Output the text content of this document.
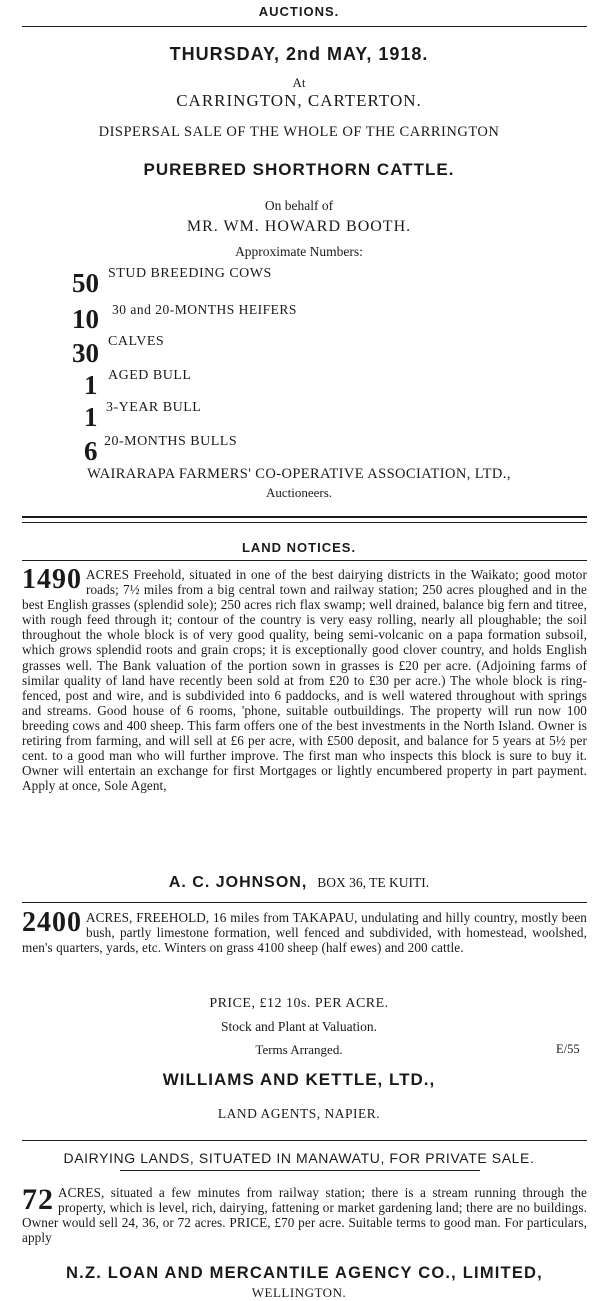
AUCTIONS.
THURSDAY, 2nd MAY, 1918.
At
CARRINGTON, CARTERTON.
DISPERSAL SALE OF THE WHOLE OF THE CARRINGTON
PUREBRED SHORTHORN CATTLE.
On behalf of
MR. WM. HOWARD BOOTH.
Approximate Numbers:
50 STUD BREEDING COWS
10 30 and 20-MONTHS HEIFERS
30 CALVES
1 AGED BULL
1 3-YEAR BULL
6 20-MONTHS BULLS
WAIRARAPA FARMERS' CO-OPERATIVE ASSOCIATION, LTD.,
Auctioneers.
LAND NOTICES.
1490 ACRES Freehold, situated in one of the best dairying districts in the Waikato; good motor roads; 7½ miles from a big central town and railway station; 250 acres ploughed and in the best English grasses (splendid sole); 250 acres rich flax swamp; well drained, balance big fern and titree, with rough feed through it; contour of the country is very easy rolling, nearly all ploughable; the soil throughout the whole block is of very good quality, being semi-volcanic on a papa formation subsoil, which grows splendid roots and grain crops; it is exceptionally good clover country, and holds English grasses well. The Bank valuation of the portion sown in grasses is £20 per acre. (Adjoining farms of similar quality of land have recently been sold at from £20 to £30 per acre.) The whole block is ring-fenced, post and wire, and is subdivided into 6 paddocks, and is well watered throughout with springs and streams. Good house of 6 rooms, 'phone, suitable outbuildings. The property will run now 100 breeding cows and 400 sheep. This farm offers one of the best investments in the North Island. Owner is retiring from farming, and will sell at £6 per acre, with £500 deposit, and balance for 5 years at 5½ per cent. to a good man who will further improve. The first man who inspects this block is sure to buy it. Owner will entertain an exchange for first Mortgages or lightly encumbered property in part payment. Apply at once, Sole Agent,
A. C. JOHNSON, BOX 36, TE KUITI.
2400 ACRES, FREEHOLD, 16 miles from TAKAPAU, undulating and hilly country, mostly been bush, partly limestone formation, well fenced and subdivided, with homestead, woolshed, men's quarters, yards, etc. Winters on grass 4100 sheep (half ewes) and 200 cattle.
PRICE, £12 10s. PER ACRE.
Stock and Plant at Valuation.
Terms Arranged.	E/55
WILLIAMS AND KETTLE, LTD.,
LAND AGENTS, NAPIER.
DAIRYING LANDS, SITUATED IN MANAWATU, FOR PRIVATE SALE.
72 ACRES, situated a few minutes from railway station; there is a stream running through the property, which is level, rich, dairying, fattening or market gardening land; there are no buildings. Owner would sell 24, 36, or 72 acres. PRICE, £70 per acre. Suitable terms to good man. For particulars, apply
N.Z. LOAN AND MERCANTILE AGENCY CO., LIMITED,
WELLINGTON.
